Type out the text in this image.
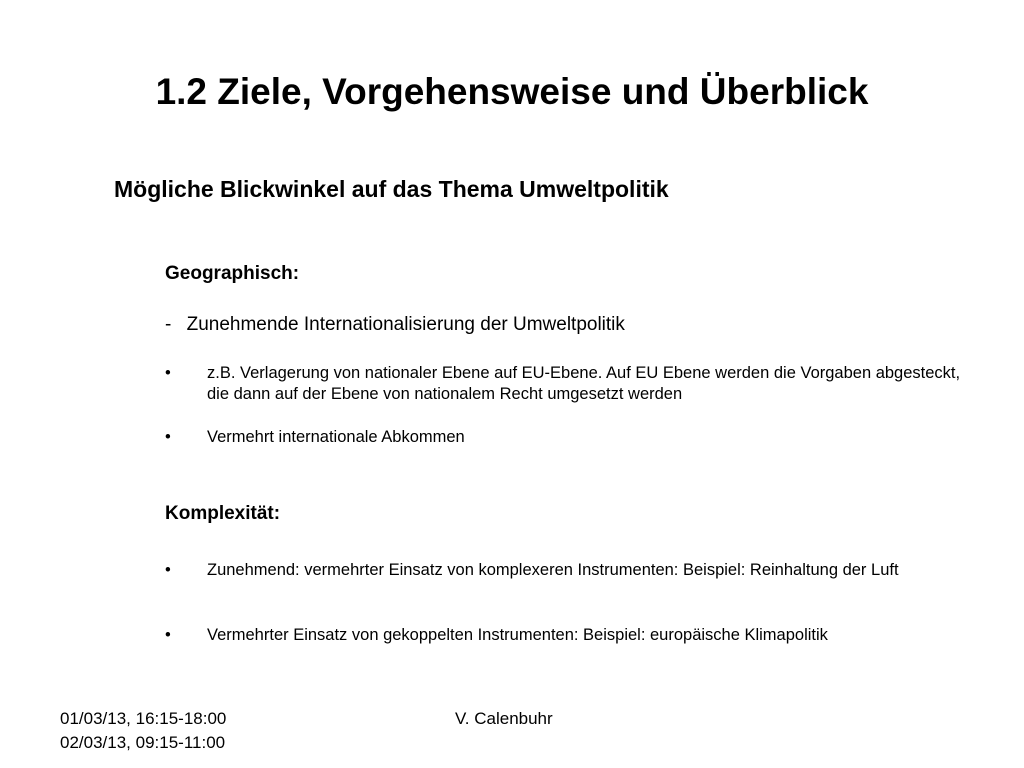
1.2 Ziele, Vorgehensweise und Überblick
Mögliche Blickwinkel auf das Thema Umweltpolitik
Geographisch:
- Zunehmende Internationalisierung der Umweltpolitik
• z.B. Verlagerung von nationaler Ebene auf EU-Ebene. Auf EU Ebene werden die Vorgaben abgesteckt, die dann auf der Ebene von nationalem Recht umgesetzt werden
• Vermehrt internationale Abkommen
Komplexität:
• Zunehmend: vermehrter Einsatz von komplexeren Instrumenten: Beispiel: Reinhaltung der Luft
• Vermehrter Einsatz von gekoppelten Instrumenten: Beispiel: europäische Klimapolitik
01/03/13, 16:15-18:00
02/03/13, 09:15-11:00
V. Calenbuhr
